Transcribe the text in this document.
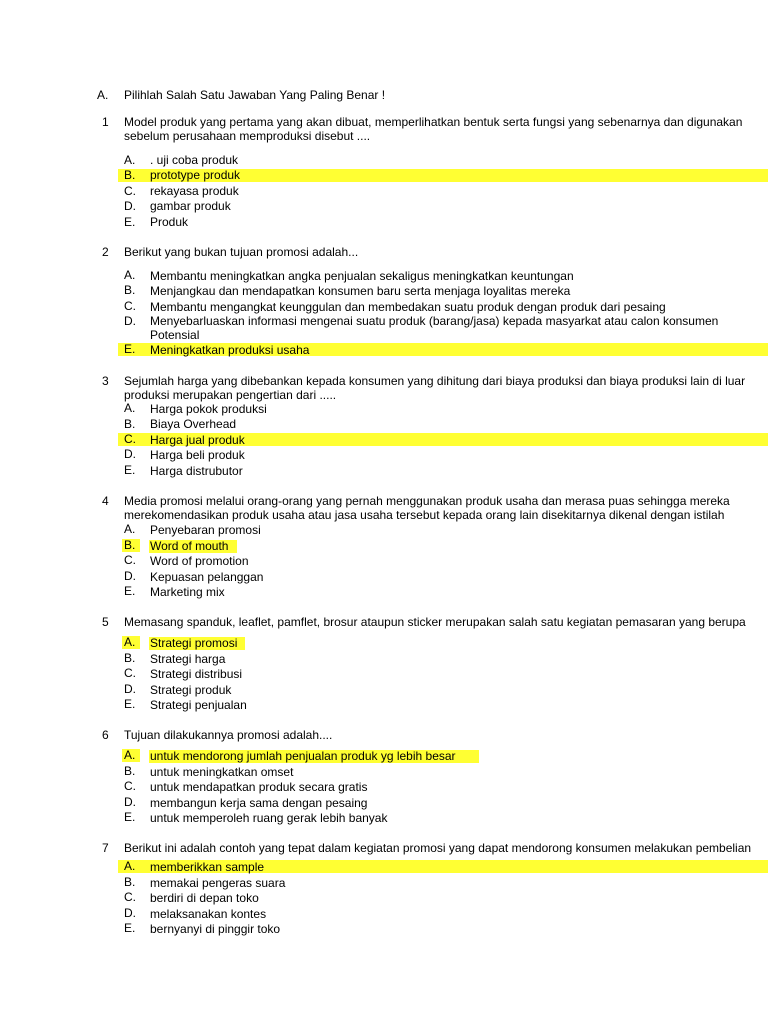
A. Pilihlah Salah Satu Jawaban Yang Paling Benar !
1 Model produk yang pertama yang akan dibuat, memperlihatkan bentuk serta fungsi yang sebenarnya dan digunakan
sebelum perusahaan memproduksi disebut ....
A. . uji coba produk
B. prototype produk
C. rekayasa produk
D. gambar produk
E. Produk
2 Berikut yang bukan tujuan promosi adalah...
A. Membantu meningkatkan angka penjualan sekaligus meningkatkan keuntungan
B. Menjangkau dan mendapatkan konsumen baru serta menjaga loyalitas mereka
C. Membantu mengangkat keunggulan dan membedakan suatu produk dengan produk dari pesaing
D. Menyebarluaskan informasi mengenai suatu produk (barang/jasa) kepada masyarkat atau calon konsumen
Potensial
E. Meningkatkan produksi usaha
3 Sejumlah harga yang dibebankan kepada konsumen yang dihitung dari biaya produksi dan biaya produksi lain di luar
produksi merupakan pengertian dari .....
A. Harga pokok produksi
B. Biaya Overhead
C. Harga jual produk
D. Harga beli produk
E. Harga distrubutor
4 Media promosi melalui orang-orang yang pernah menggunakan produk usaha dan merasa puas sehingga mereka
merekomendasikan produk usaha atau jasa usaha tersebut kepada orang lain disekitarnya dikenal dengan istilah
A. Penyebaran promosi
B. Word of mouth
C. Word of promotion
D. Kepuasan pelanggan
E. Marketing mix
5 Memasang spanduk, leaflet, pamflet, brosur ataupun sticker merupakan salah satu kegiatan pemasaran yang berupa
A. Strategi promosi
B. Strategi harga
C. Strategi distribusi
D. Strategi produk
E. Strategi penjualan
6 Tujuan dilakukannya promosi adalah....
A. untuk mendorong jumlah penjualan produk yg lebih besar
B. untuk meningkatkan omset
C. untuk mendapatkan produk secara gratis
D. membangun kerja sama dengan pesaing
E. untuk memperoleh ruang gerak lebih banyak
7 Berikut ini adalah contoh yang tepat dalam kegiatan promosi yang dapat mendorong konsumen melakukan pembelian
A. memberikkan sample
B. memakai pengeras suara
C. berdiri di depan toko
D. melaksanakan kontes
E. bernyanyi di pinggir toko
